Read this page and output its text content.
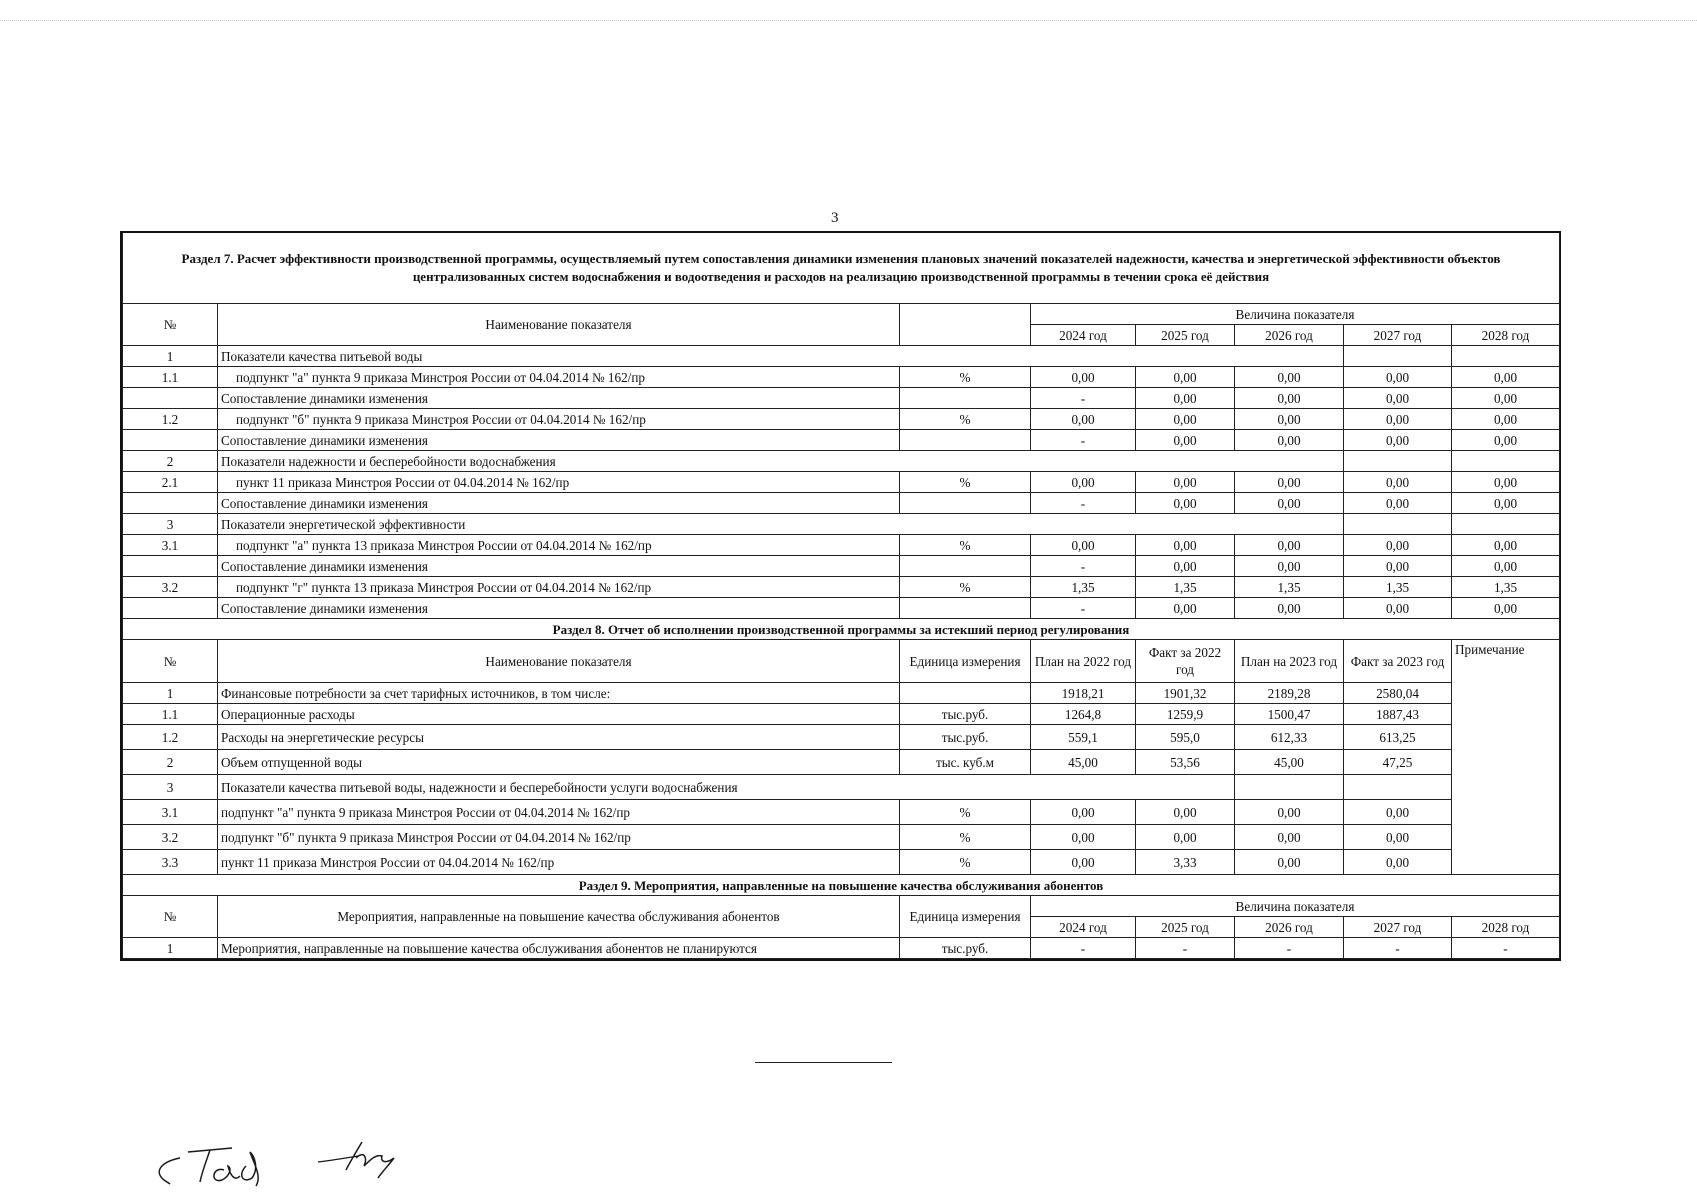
3
Раздел 7. Расчет эффективности производственной программы, осуществляемый путем сопоставления динамики изменения плановых значений показателей надежности, качества и энергетической эффективности объектов централизованных систем водоснабжения и водоотведения и расходов на реализацию производственной программы в течении срока её действия							
№	Наименование показателя		Величина показателя				
			2024 год	2025 год	2026 год	2027 год	2028 год
1	Показатели качества питьевой воды						
1.1	подпункт "а" пункта 9 приказа Минстроя России от 04.04.2014 № 162/пр	%	0,00	0,00	0,00	0,00	0,00
	Сопоставление динамики изменения		-	0,00	0,00	0,00	0,00
1.2	подпункт "б" пункта 9 приказа Минстроя России от 04.04.2014 № 162/пр	%	0,00	0,00	0,00	0,00	0,00
	Сопоставление динамики изменения		-	0,00	0,00	0,00	0,00
2	Показатели надежности и бесперебойности водоснабжения						
2.1	пункт 11 приказа Минстроя России от 04.04.2014 № 162/пр	%	0,00	0,00	0,00	0,00	0,00
	Сопоставление динамики изменения		-	0,00	0,00	0,00	0,00
3	Показатели энергетической эффективности						
3.1	подпункт "а" пункта 13 приказа Минстроя России от 04.04.2014 № 162/пр	%	0,00	0,00	0,00	0,00	0,00
	Сопоставление динамики изменения		-	0,00	0,00	0,00	0,00
3.2	подпункт "г" пункта 13 приказа Минстроя России от 04.04.2014 № 162/пр	%	1,35	1,35	1,35	1,35	1,35
	Сопоставление динамики изменения		-	0,00	0,00	0,00	0,00
Раздел 8. Отчет об исполнении производственной программы за истекший период регулирования							
№	Наименование показателя	Единица измерения	План на 2022 год	Факт за 2022 год	План на 2023 год	Факт за 2023 год	Примечание
1	Финансовые потребности за счет тарифных источников, в том числе:		1918,21	1901,32	2189,28	2580,04	
1.1	Операционные расходы	тыс.руб.	1264,8	1259,9	1500,47	1887,43	
1.2	Расходы на энергетические ресурсы	тыс.руб.	559,1	595,0	612,33	613,25	
2	Объем отпущенной воды	тыс. куб.м	45,00	53,56	45,00	47,25	
3	Показатели качества питьевой воды, надежности и бесперебойности услуги водоснабжения						
3.1	подпункт "а" пункта 9 приказа Минстроя России от 04.04.2014 № 162/пр	%	0,00	0,00	0,00	0,00	
3.2	подпункт "б" пункта 9 приказа Минстроя России от 04.04.2014 № 162/пр	%	0,00	0,00	0,00	0,00	
3.3	пункт 11 приказа Минстроя России от 04.04.2014 № 162/пр	%	0,00	3,33	0,00	0,00	
Раздел 9. Мероприятия, направленные на повышение качества обслуживания абонентов							
№	Мероприятия, направленные на повышение качества обслуживания абонентов	Единица измерения	Величина показателя				
			2024 год	2025 год	2026 год	2027 год	2028 год
1	Мероприятия, направленные на повышение качества обслуживания абонентов не планируются	тыс.руб.	-	-	-	-	-
